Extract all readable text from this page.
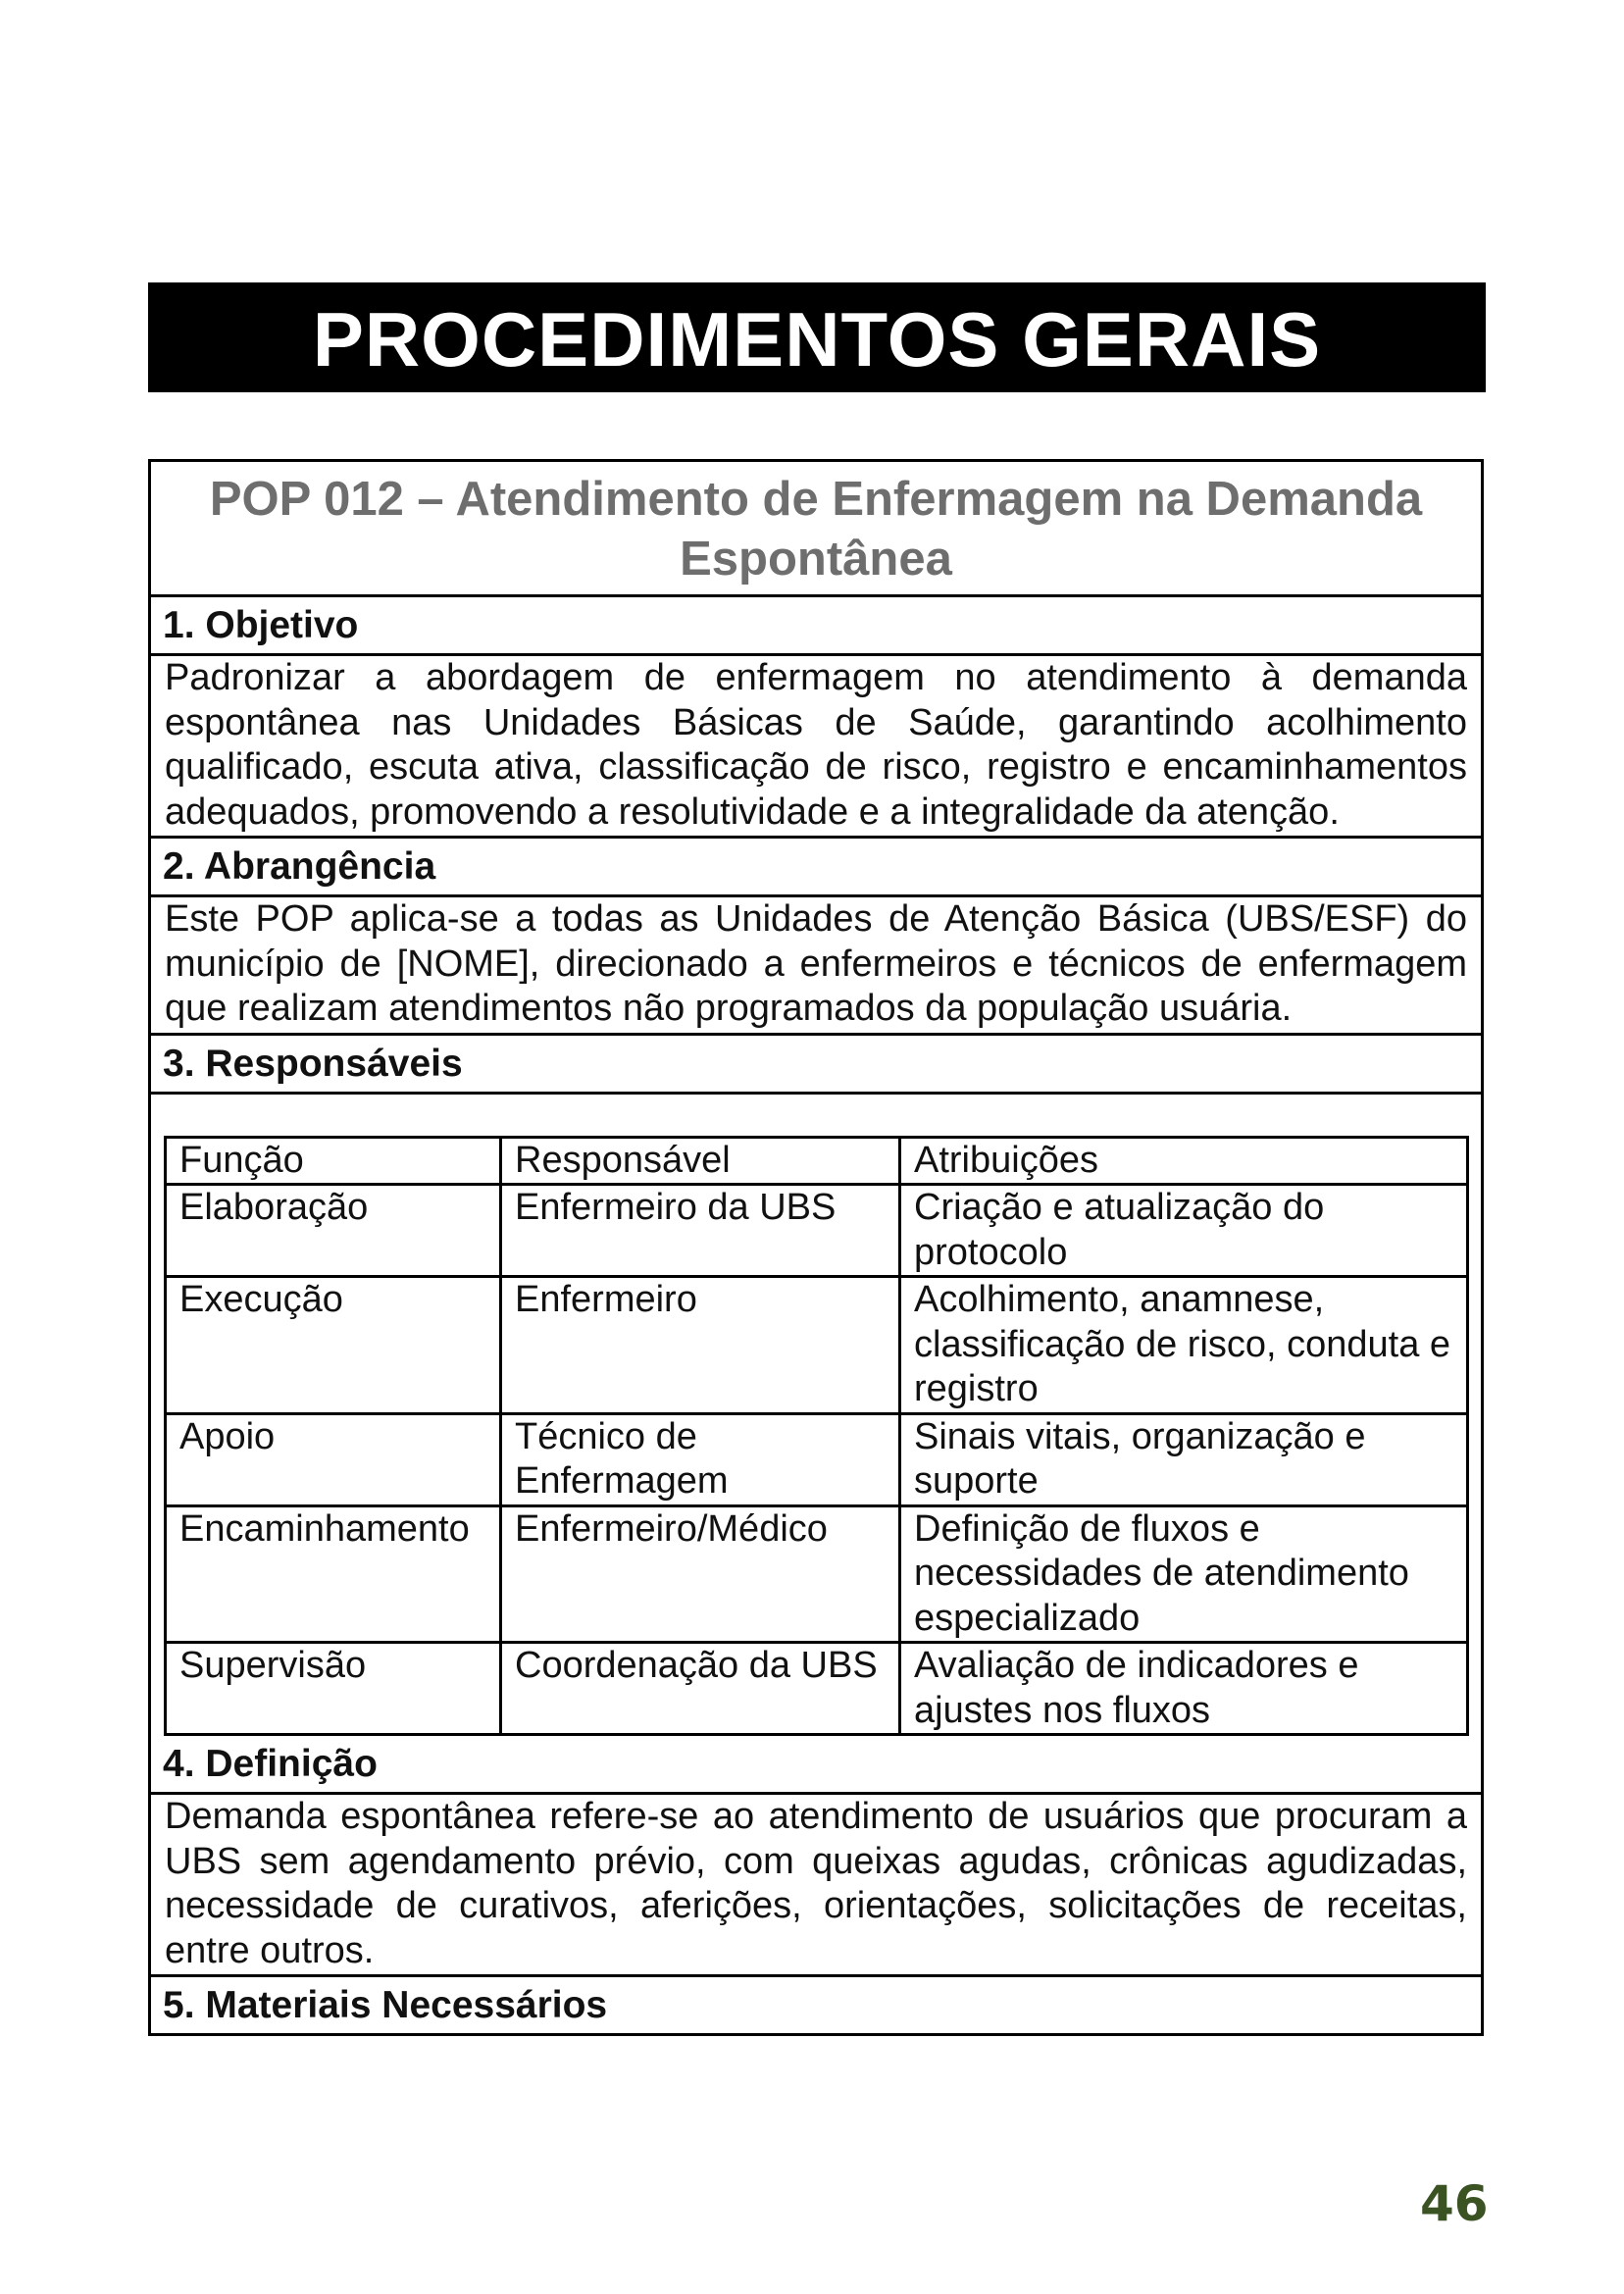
PROCEDIMENTOS GERAIS
POP 012 – Atendimento de Enfermagem na Demanda Espontânea
1. Objetivo
Padronizar a abordagem de enfermagem no atendimento à demanda espontânea nas Unidades Básicas de Saúde, garantindo acolhimento qualificado, escuta ativa, classificação de risco, registro e encaminhamentos adequados, promovendo a resolutividade e a integralidade da atenção.
2. Abrangência
Este POP aplica-se a todas as Unidades de Atenção Básica (UBS/ESF) do município de [NOME], direcionado a enfermeiros e técnicos de enfermagem que realizam atendimentos não programados da população usuária.
3. Responsáveis
Função	Responsável	Atribuições
Elaboração	Enfermeiro da UBS	Criação e atualização do protocolo
Execução	Enfermeiro	Acolhimento, anamnese, classificação de risco, conduta e registro
Apoio	Técnico de Enfermagem	Sinais vitais, organização e suporte
Encaminhamento	Enfermeiro/Médico	Definição de fluxos e necessidades de atendimento especializado
Supervisão	Coordenação da UBS	Avaliação de indicadores e ajustes nos fluxos
4. Definição
Demanda espontânea refere-se ao atendimento de usuários que procuram a UBS sem agendamento prévio, com queixas agudas, crônicas agudizadas, necessidade de curativos, aferições, orientações, solicitações de receitas, entre outros.
5. Materiais Necessários
46
